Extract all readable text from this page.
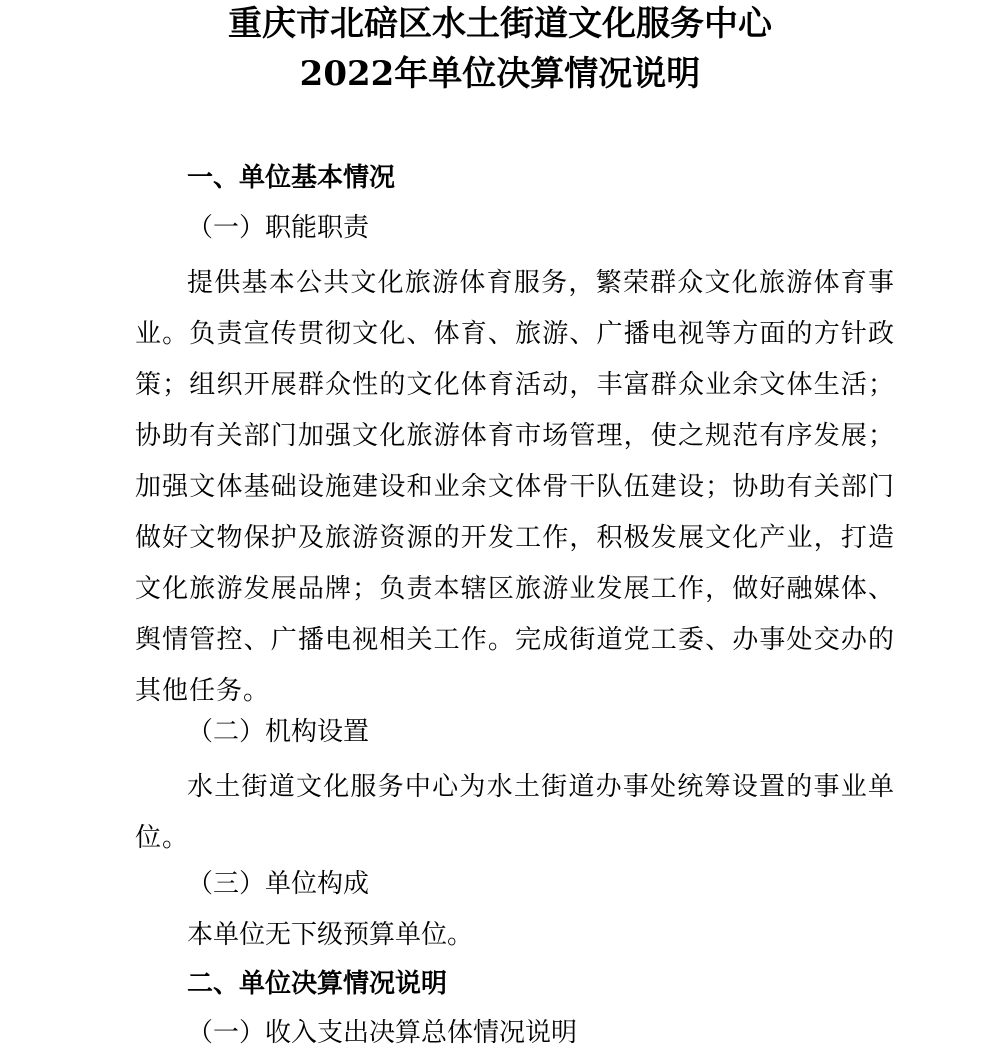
重庆市北碚区水土街道文化服务中心
2022年单位决算情况说明
一、单位基本情况
（一）职能职责
提供基本公共文化旅游体育服务，繁荣群众文化旅游体育事业。负责宣传贯彻文化、体育、旅游、广播电视等方面的方针政策；组织开展群众性的文化体育活动，丰富群众业余文体生活；协助有关部门加强文化旅游体育市场管理，使之规范有序发展；加强文体基础设施建设和业余文体骨干队伍建设；协助有关部门做好文物保护及旅游资源的开发工作，积极发展文化产业，打造文化旅游发展品牌；负责本辖区旅游业发展工作，做好融媒体、舆情管控、广播电视相关工作。完成街道党工委、办事处交办的其他任务。
（二）机构设置
水土街道文化服务中心为水土街道办事处统筹设置的事业单位。
（三）单位构成
本单位无下级预算单位。
二、单位决算情况说明
（一）收入支出决算总体情况说明
